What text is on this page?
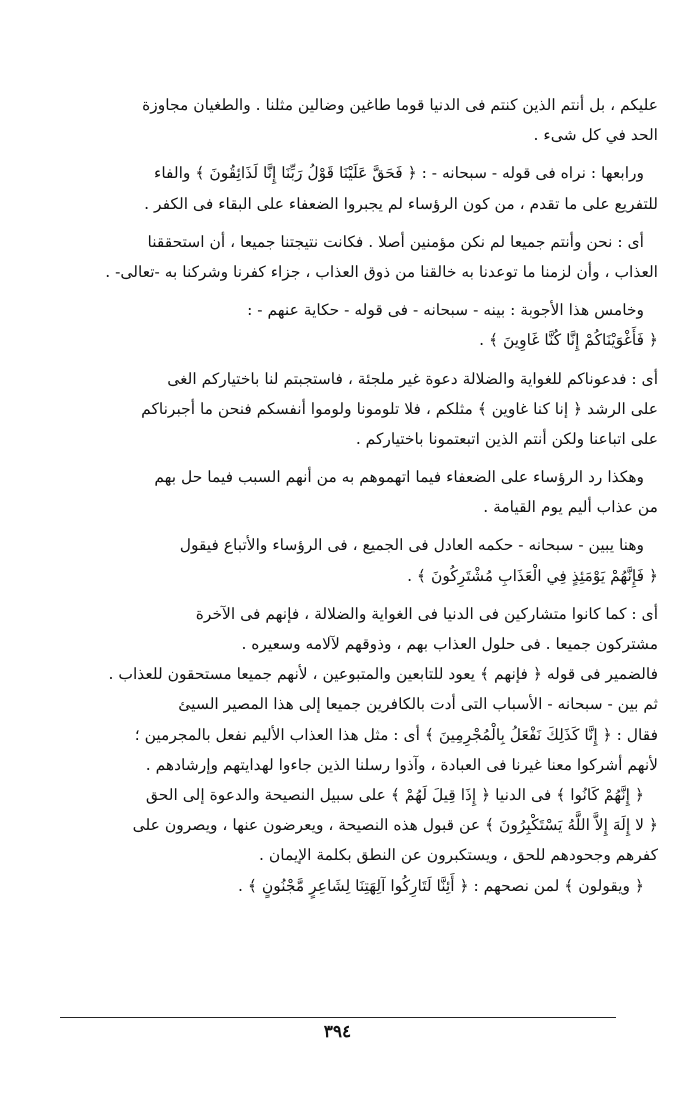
عليكم ، بل أنتم الذين كنتم فى الدنيا قوما طاغين وضالين مثلنا . والطغيان مجاوزة
الحد في كل شىء .
ورابعها : نراه فى قوله - سبحانه - : ﴿ فَحَقَّ عَلَيْنَا قَوْلُ رَبِّنَا إِنَّا لَذَائِقُونَ ﴾ والفاء
للتفريع على ما تقدم ، من كون الرؤساء لم يجبروا الضعفاء على البقاء فى الكفر .
أى : نحن وأنتم جميعا لم نكن مؤمنين أصلا . فكانت نتيجتنا جميعا ، أن استحققنا
العذاب ، وأن لزمنا ما توعدنا به خالقنا من ذوق العذاب ، جزاء كفرنا وشركنا به -تعالى- .
وخامس هذا الأجوبة : بينه - سبحانه - فى قوله - حكاية عنهم - :
﴿ فَأَغْوَيْنَاكُمْ إِنَّا كُنَّا غَاوِينَ ﴾ .
أى : فدعوناكم للغواية والضلالة دعوة غير ملجئة ، فاستجبتم لنا باختياركم الغى
على الرشد ﴿ إنا كنا غاوين ﴾ مثلكم ، فلا تلومونا ولوموا أنفسكم فنحن ما أجبرناكم
على اتباعنا ولكن أنتم الذين اتبعتمونا باختياركم .
وهكذا رد الرؤساء على الضعفاء فيما اتهموهم به من أنهم السبب فيما حل بهم
من عذاب أليم يوم القيامة .
وهنا يبين - سبحانه - حكمه العادل فى الجميع ، فى الرؤساء والأتباع فيقول
﴿ فَإِنَّهُمْ يَوْمَئِذٍ فِي الْعَذَابِ مُشْتَرِكُونَ ﴾ .
أى : كما كانوا متشاركين فى الدنيا فى الغواية والضلالة ، فإنهم فى الآخرة
مشتركون جميعا . فى حلول العذاب بهم ، وذوقهم لآلامه وسعيره .
فالضمير فى قوله ﴿ فإنهم ﴾ يعود للتابعين والمتبوعين ، لأنهم جميعا مستحقون للعذاب .
ثم بين - سبحانه - الأسباب التى أدت بالكافرين جميعا إلى هذا المصير السيئ
فقال : ﴿ إِنَّا كَذَلِكَ نَفْعَلُ بِالْمُجْرِمِينَ ﴾ أى : مثل هذا العذاب الأليم نفعل بالمجرمين ؛
لأنهم أشركوا معنا غيرنا فى العبادة ، وآذوا رسلنا الذين جاءوا لهدايتهم وإرشادهم .
﴿ إِنَّهُمْ كَانُوا ﴾ فى الدنيا ﴿ إِذَا قِيلَ لَهُمْ ﴾ على سبيل النصيحة والدعوة إلى الحق
﴿ لا إِلَهَ إِلاَّ اللَّهُ يَسْتَكْبِرُونَ ﴾ عن قبول هذه النصيحة ، ويعرضون عنها ، ويصرون على
كفرهم وجحودهم للحق ، ويستكبرون عن النطق بكلمة الإيمان .
﴿ ويقولون ﴾ لمن نصحهم : ﴿ أَئِنَّا لَتَارِكُوا آلِهَتِنَا لِشَاعِرٍ مَّجْنُونٍ ﴾ .
٣٩٤
